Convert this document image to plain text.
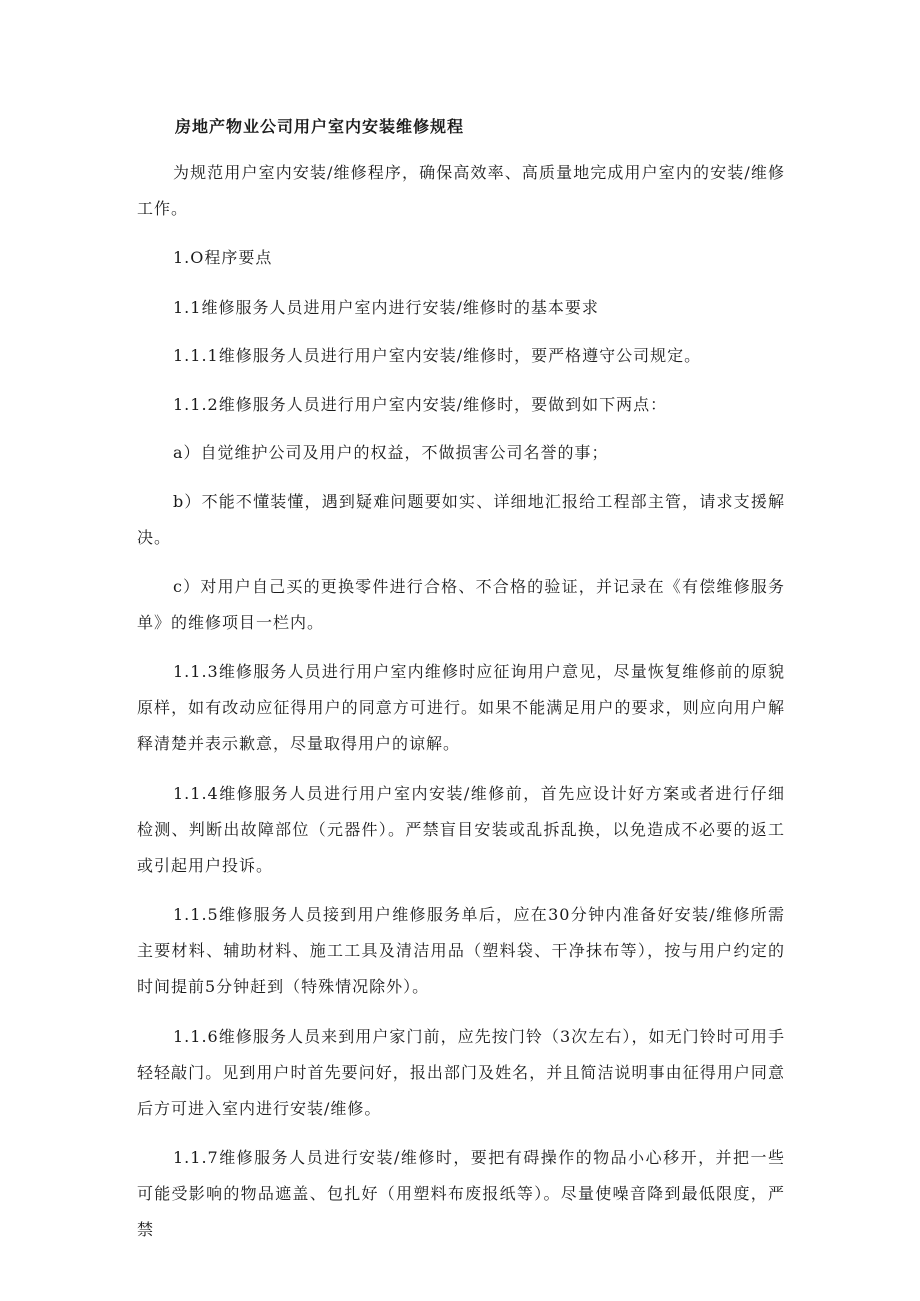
房地产物业公司用户室内安装维修规程

为规范用户室内安装/维修程序，确保高效率、高质量地完成用户室内的安装/维修工作。

1.O程序要点

1.1维修服务人员进用户室内进行安装/维修时的基本要求

1.1.1维修服务人员进行用户室内安装/维修时，要严格遵守公司规定。

1.1.2维修服务人员进行用户室内安装/维修时，要做到如下两点：

a）自觉维护公司及用户的权益，不做损害公司名誉的事；

b）不能不懂装懂，遇到疑难问题要如实、详细地汇报给工程部主管，请求支援解决。

c）对用户自己买的更换零件进行合格、不合格的验证，并记录在《有偿维修服务单》的维修项目一栏内。

1.1.3维修服务人员进行用户室内维修时应征询用户意见，尽量恢复维修前的原貌原样，如有改动应征得用户的同意方可进行。如果不能满足用户的要求，则应向用户解释清楚并表示歉意，尽量取得用户的谅解。

1.1.4维修服务人员进行用户室内安装/维修前，首先应设计好方案或者进行仔细检测、判断出故障部位（元器件）。严禁盲目安装或乱拆乱换，以免造成不必要的返工或引起用户投诉。

1.1.5维修服务人员接到用户维修服务单后，应在30分钟内准备好安装/维修所需主要材料、辅助材料、施工工具及清洁用品（塑料袋、干净抹布等），按与用户约定的时间提前5分钟赶到（特殊情况除外）。

1.1.6维修服务人员来到用户家门前，应先按门铃（3次左右），如无门铃时可用手轻轻敲门。见到用户时首先要问好，报出部门及姓名，并且简洁说明事由征得用户同意后方可进入室内进行安装/维修。

1.1.7维修服务人员进行安装/维修时，要把有碍操作的物品小心移开，并把一些可能受影响的物品遮盖、包扎好（用塑料布废报纸等）。尽量使噪音降到最低限度，严禁
